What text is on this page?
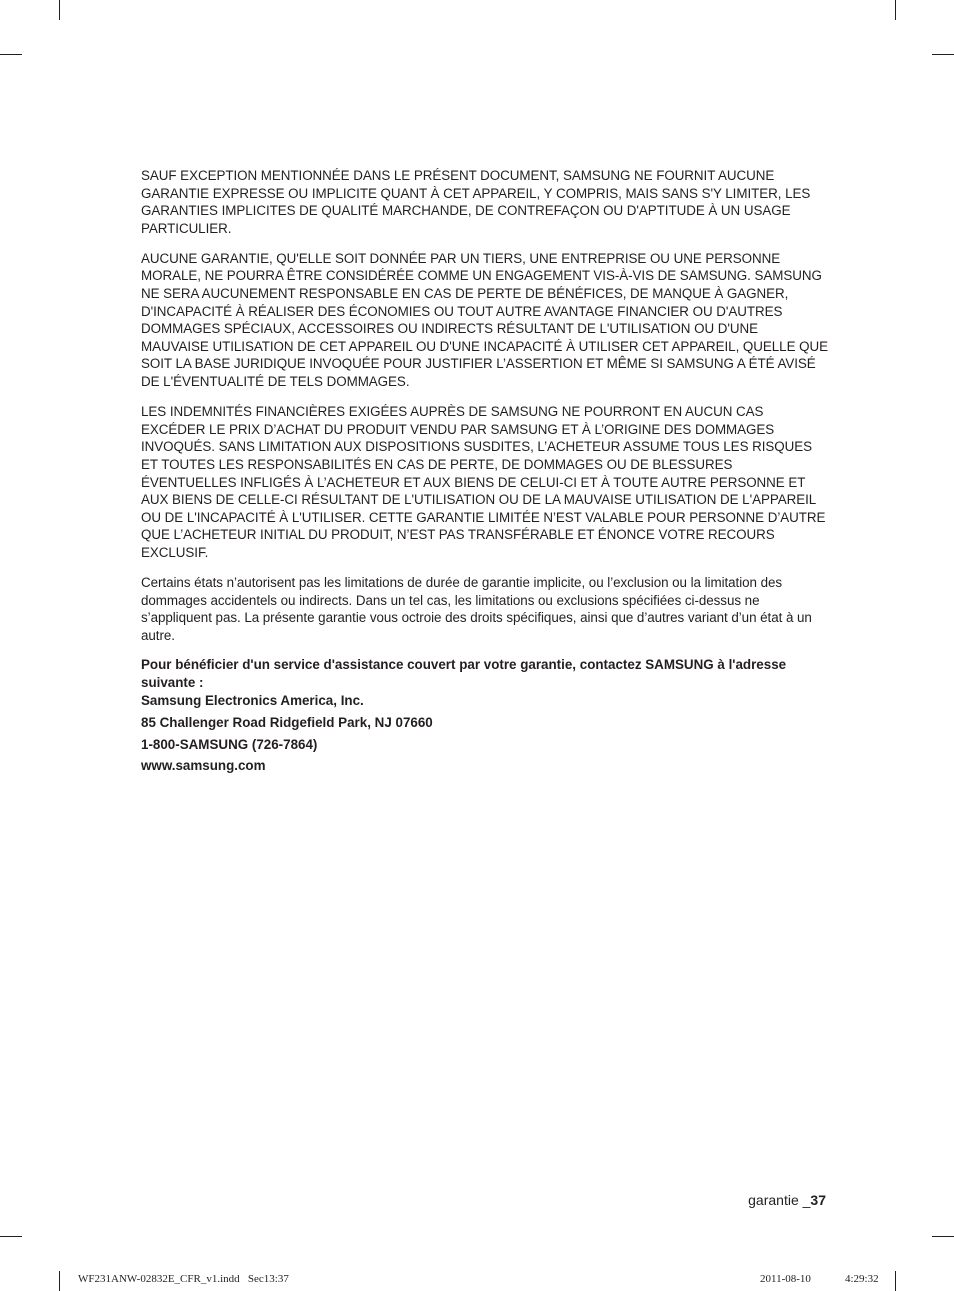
SAUF EXCEPTION MENTIONNÉE DANS LE PRÉSENT DOCUMENT, SAMSUNG NE FOURNIT AUCUNE GARANTIE EXPRESSE OU IMPLICITE QUANT À CET APPAREIL, Y COMPRIS, MAIS SANS S'Y LIMITER, LES GARANTIES IMPLICITES DE QUALITÉ MARCHANDE, DE CONTREFAÇON OU D'APTITUDE À UN USAGE PARTICULIER.

AUCUNE GARANTIE, QU'ELLE SOIT DONNÉE PAR UN TIERS, UNE ENTREPRISE OU UNE PERSONNE MORALE, NE POURRA ÊTRE CONSIDÉRÉE COMME UN ENGAGEMENT VIS-À-VIS DE SAMSUNG. SAMSUNG NE SERA AUCUNEMENT RESPONSABLE EN CAS DE PERTE DE BÉNÉFICES, DE MANQUE À GAGNER, D'INCAPACITÉ À RÉALISER DES ÉCONOMIES OU TOUT AUTRE AVANTAGE FINANCIER OU D'AUTRES DOMMAGES SPÉCIAUX, ACCESSOIRES OU INDIRECTS RÉSULTANT DE L'UTILISATION OU D'UNE MAUVAISE UTILISATION DE CET APPAREIL OU D'UNE INCAPACITÉ À UTILISER CET APPAREIL, QUELLE QUE SOIT LA BASE JURIDIQUE INVOQUÉE POUR JUSTIFIER L’ASSERTION ET MÊME SI SAMSUNG A ÉTÉ AVISÉ DE L'ÉVENTUALITÉ DE TELS DOMMAGES.

LES INDEMNITÉS FINANCIÈRES EXIGÉES AUPRÈS DE SAMSUNG NE POURRONT EN AUCUN CAS EXCÉDER LE PRIX D’ACHAT DU PRODUIT VENDU PAR SAMSUNG ET À L’ORIGINE DES DOMMAGES INVOQUÉS. SANS LIMITATION AUX DISPOSITIONS SUSDITES, L’ACHETEUR ASSUME TOUS LES RISQUES ET TOUTES LES RESPONSABILITÉS EN CAS DE PERTE, DE DOMMAGES OU DE BLESSURES ÉVENTUELLES INFLIGÉS À L’ACHETEUR ET AUX BIENS DE CELUI-CI ET À TOUTE AUTRE PERSONNE ET AUX BIENS DE CELLE-CI RÉSULTANT DE L'UTILISATION OU DE LA MAUVAISE UTILISATION DE L'APPAREIL OU DE L'INCAPACITÉ À L'UTILISER. CETTE GARANTIE LIMITÉE N’EST VALABLE POUR PERSONNE D’AUTRE QUE L’ACHETEUR INITIAL DU PRODUIT, N’EST PAS TRANSFÉRABLE ET ÉNONCE VOTRE RECOURS EXCLUSIF.

Certains états n’autorisent pas les limitations de durée de garantie implicite, ou l’exclusion ou la limitation des dommages accidentels ou indirects. Dans un tel cas, les limitations ou exclusions spécifiées ci-dessus ne s’appliquent pas. La présente garantie vous octroie des droits spécifiques, ainsi que d’autres variant d’un état à un autre.

Pour bénéficier d'un service d'assistance couvert par votre garantie, contactez SAMSUNG à l'adresse suivante :
Samsung Electronics America, Inc.
85 Challenger Road Ridgefield Park, NJ 07660
1-800-SAMSUNG (726-7864)
www.samsung.com
garantie _37
WF231ANW-02832E_CFR_v1.indd   Sec13:37	2011-08-10	4:29:32
